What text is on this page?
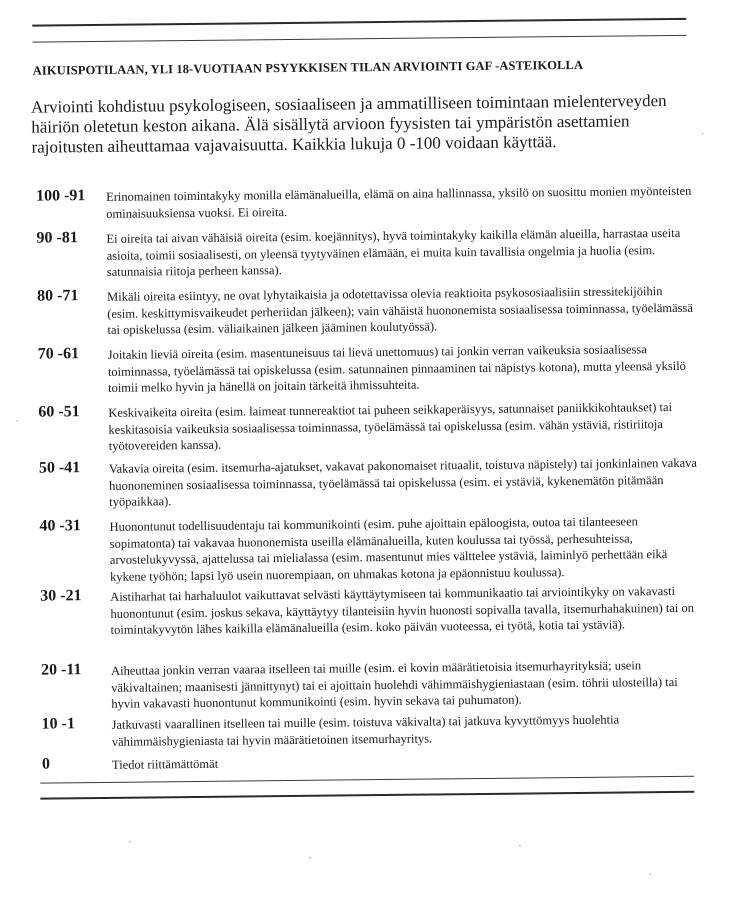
AIKUISPOTILAAN, YLI 18-VUOTIAAN PSYYKKISEN TILAN ARVIOINTI GAF -ASTEIKOLLA
Arviointi kohdistuu psykologiseen, sosiaaliseen ja ammatilliseen toimintaan mielenterveyden häiriön oletetun keston aikana. Älä sisällytä arvioon fyysisten tai ympäristön asettamien rajoitusten aiheuttamaa vajavaisuutta. Kaikkia lukuja 0 -100 voidaan käyttää.
100 -91	Erinomainen toimintakyky monilla elämänalueilla, elämä on aina hallinnassa, yksilö on suosittu monien myönteisten ominaisuuksiensa vuoksi. Ei oireita.
90 -81	Ei oireita tai aivan vähäisiä oireita (esim. koejännitys), hyvä toimintakyky kaikilla elämän alueilla, harrastaa useita asioita, toimii sosiaalisesti, on yleensä tyytyväinen elämään, ei muita kuin tavallisia ongelmia ja huolia (esim. satunnaisia riitoja perheen kanssa).
80 -71	Mikäli oireita esiintyy, ne ovat lyhytaikaisia ja odotettavissa olevia reaktioita psykososiaalisiin stressitekijöihin (esim. keskittymisvaikeudet perheriidan jälkeen); vain vähäistä huononemista sosiaalisessa toiminnassa, työelämässä tai opiskelussa (esim. väliaikainen jälkeen jääminen koulutyössä).
70 -61	Joitakin lieviä oireita (esim. masentuneisuus tai lievä unettomuus) tai jonkin verran vaikeuksia sosiaalisessa toiminnassa, työelämässä tai opiskelussa (esim. satunnainen pinnaaminen tai näpistys kotona), mutta yleensä yksilö toimii melko hyvin ja hänellä on joitain tärkeitä ihmissuhteita.
60 -51	Keskivaikeita oireita (esim. laimeat tunnereaktiot tai puheen seikkaperäisyys, satunnaiset paniikkikohtaukset) tai keskitasoisia vaikeuksia sosiaalisessa toiminnassa, työelämässä tai opiskelussa (esim. vähän ystäviä, ristiriitoja työtovereiden kanssa).
50 -41	Vakavia oireita (esim. itsemurha-ajatukset, vakavat pakonomaiset rituaalit, toistuva näpistely) tai jonkinlainen vakava huononeminen sosiaalisessa toiminnassa, työelämässä tai opiskelussa (esim. ei ystäviä, kykenemätön pitämään työpaikkaa).
40 -31	Huonontunut todellisuudentaju tai kommunikointi (esim. puhe ajoittain epäloogista, outoa tai tilanteeseen sopimatonta) tai vakavaa huononemista useilla elämänalueilla, kuten koulussa tai työssä, perhesuhteissa, arvostelukyvyssä, ajattelussa tai mielialassa (esim. masentunut mies välttelee ystäviä, laiminlyö perhettään eikä kykene työhön; lapsi lyö usein nuorempiaan, on uhmakas kotona ja epäonnistuu koulussa).
30 -21	Aistiharhat tai harhaluulot vaikuttavat selvästi käyttäytymiseen tai kommunikaatio tai arviointikyky on vakavasti huonontunut (esim. joskus sekava, käyttäytyy tilanteisiin hyvin huonosti sopivalla tavalla, itsemurhahakuinen) tai on toimintakyvytön lähes kaikilla elämänalueilla (esim. koko päivän vuoteessa, ei työtä, kotia tai ystäviä).
20 -11	Aiheuttaa jonkin verran vaaraa itselleen tai muille (esim. ei kovin määrätietoisia itsemurhayrityksiä; usein väkivaltainen; maanisesti jännittynyt) tai ei ajoittain huolehdi vähimmäishygieniastaan (esim. töhrii ulosteilla) tai hyvin vakavasti huonontunut kommunikointi (esim. hyvin sekava tai puhumaton).
10 -1	Jatkuvasti vaarallinen itselleen tai muille (esim. toistuva väkivalta) tai jatkuva kyvyttömyys huolehtia vähimmäishygieniasta tai hyvin määrätietoinen itsemurhayritys.
0	Tiedot riittämättömät
